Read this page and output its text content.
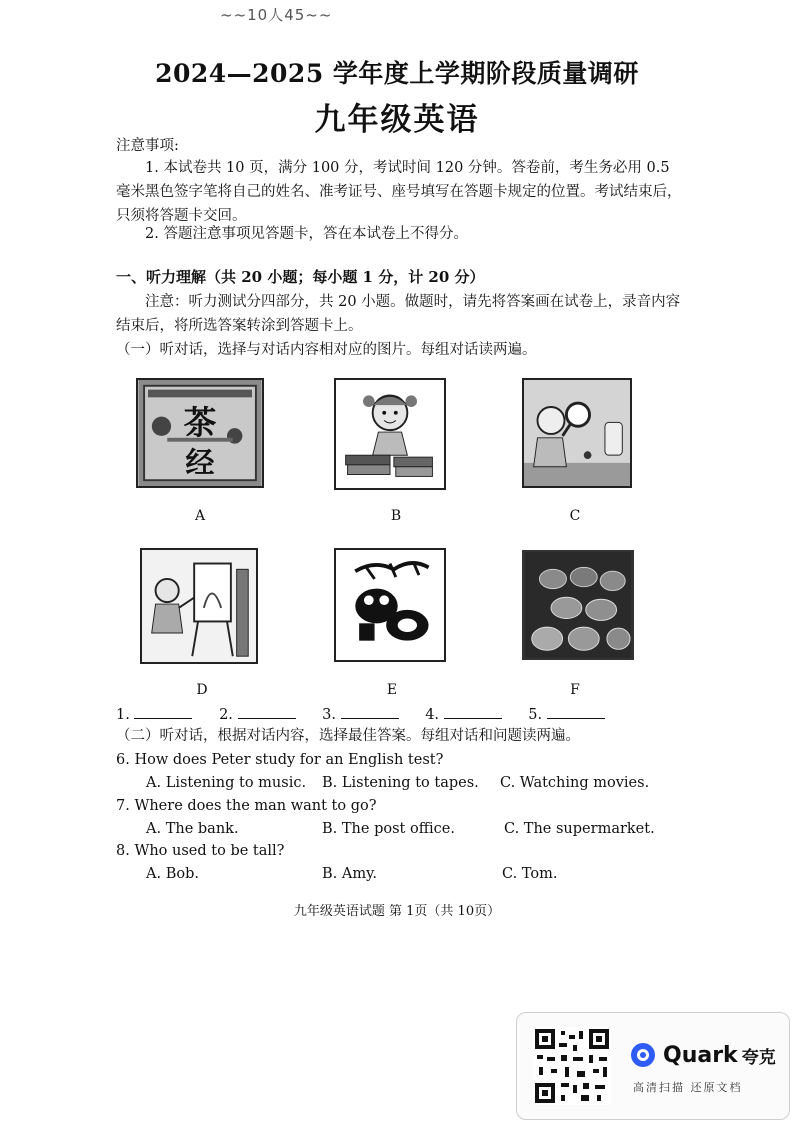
~~10人45~~
2024—2025 学年度上学期阶段质量调研
九年级英语
注意事项:
1. 本试卷共 10 页，满分 100 分，考试时间 120 分钟。答卷前，考生务必用 0.5 毫米黑色签字笔将自己的姓名、准考证号、座号填写在答题卡规定的位置。考试结束后，只须将答题卡交回。
2. 答题注意事项见答题卡，答在本试卷上不得分。
一、听力理解（共 20 小题；每小题 1 分，计 20 分）
注意：听力测试分四部分，共 20 小题。做题时，请先将答案画在试卷上，录音内容结束后，将所选答案转涂到答题卡上。
（一）听对话，选择与对话内容相对应的图片。每组对话读两遍。
茶
经
A	B	C
D	E	F
1.	2.	3.	4.	5.
（二）听对话，根据对话内容，选择最佳答案。每组对话和问题读两遍。
6. How does Peter study for an English test?
A. Listening to music. B. Listening to tapes. C. Watching movies.
7. Where does the man want to go?
A. The bank.	B. The post office.	C. The supermarket.
8. Who used to be tall?
A. Bob.	B. Amy.	C. Tom.
九年级英语试题 第 1页（共 10页）
Quark 夸克
高清扫描 还原文档
